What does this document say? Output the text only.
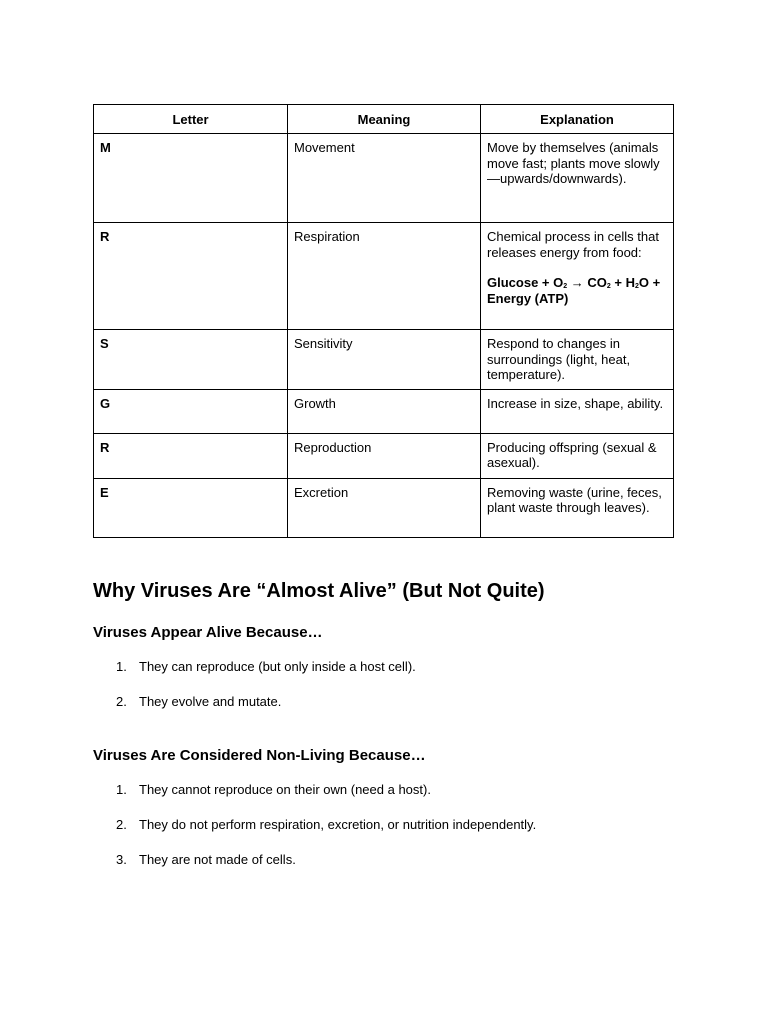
Letter	Meaning	Explanation
M	Movement	Move by themselves (animals move fast; plants move slowly—upwards/downwards).
R	Respiration	Chemical process in cells that releases energy from food:
$Glucose + O_2 \to CO_2 + H_2O$ + Energy (ATP)

S	Sensitivity	Respond to changes in surroundings (light, heat, temperature).
G	Growth	Increase in size, shape, ability.
R	Reproduction	Producing offspring (sexual & asexual).
E	Excretion	Removing waste (urine, feces, plant waste through leaves).
Why Viruses Are “Almost Alive” (But Not Quite)
Viruses Appear Alive Because…
1. They can reproduce (but only inside a host cell).
2. They evolve and mutate.
Viruses Are Considered Non-Living Because…
1. They cannot reproduce on their own (need a host).
2. They do not perform respiration, excretion, or nutrition independently.
3. They are not made of cells.
